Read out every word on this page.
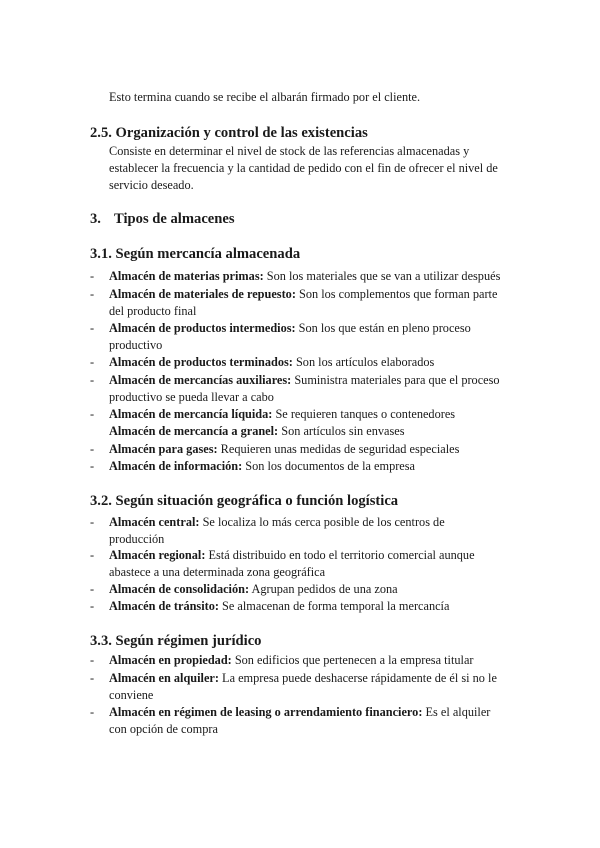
Esto termina cuando se recibe el albarán firmado por el cliente.
2.5. Organización y control de las existencias
Consiste en determinar el nivel de stock de las referencias almacenadas y
establecer la frecuencia y la cantidad de pedido con el fin de ofrecer el nivel de
servicio deseado.
3. Tipos de almacenes
3.1. Según mercancía almacenada
- Almacén de materias primas: Son los materiales que se van a utilizar después
- Almacén de materiales de repuesto: Son los complementos que forman parte
del producto final
- Almacén de productos intermedios: Son los que están en pleno proceso
productivo
- Almacén de productos terminados: Son los artículos elaborados
- Almacén de mercancías auxiliares: Suministra materiales para que el proceso
productivo se pueda llevar a cabo
- Almacén de mercancía líquida: Se requieren tanques o contenedores
Almacén de mercancía a granel: Son artículos sin envases
- Almacén para gases: Requieren unas medidas de seguridad especiales
- Almacén de información: Son los documentos de la empresa
3.2. Según situación geográfica o función logística
- Almacén central: Se localiza lo más cerca posible de los centros de
producción
- Almacén regional: Está distribuido en todo el territorio comercial aunque
abastece a una determinada zona geográfica
- Almacén de consolidación: Agrupan pedidos de una zona
- Almacén de tránsito: Se almacenan de forma temporal la mercancía
3.3. Según régimen jurídico
- Almacén en propiedad: Son edificios que pertenecen a la empresa titular
- Almacén en alquiler: La empresa puede deshacerse rápidamente de él si no le
conviene
- Almacén en régimen de leasing o arrendamiento financiero: Es el alquiler
con opción de compra
